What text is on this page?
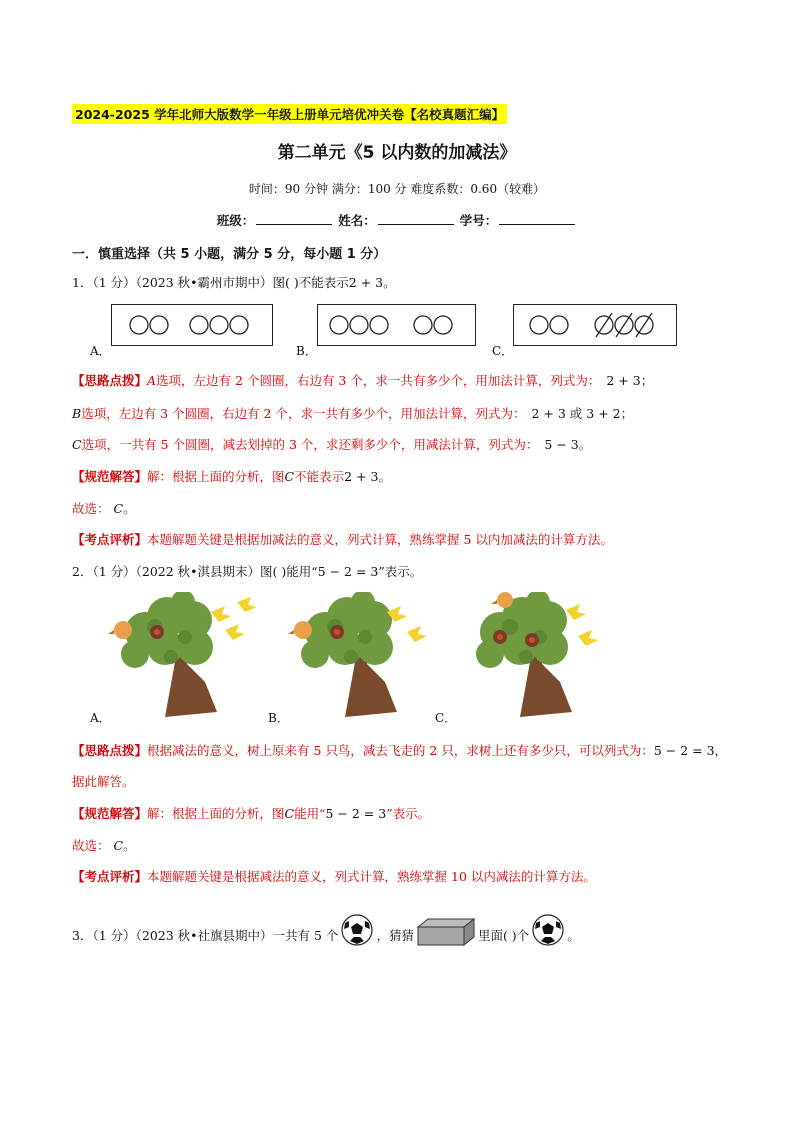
2024-2025 学年北师大版数学一年级上册单元培优冲关卷【名校真题汇编】
第二单元《5 以内数的加减法》
时间：90 分钟 满分：100 分 难度系数：0.60（较难）
班级：	姓名：	学号：
一．慎重选择（共 5 小题，满分 5 分，每小题 1 分）
1．（1 分）（2023 秋•霸州市期中）图( )不能表示2 + 3。
A．	B．	C．
【思路点拨】A选项，左边有 2 个圆圈，右边有 3 个，求一共有多少个，用加法计算，列式为： 2 + 3；
B选项，左边有 3 个圆圈，右边有 2 个，求一共有多少个，用加法计算，列式为： 2 + 3 或 3 + 2；
C选项，一共有 5 个圆圈，减去划掉的 3 个，求还剩多少个，用减法计算，列式为： 5 − 3。
【规范解答】解：根据上面的分析，图C不能表示2 + 3。
故选： C。
【考点评析】本题解题关键是根据加减法的意义，列式计算，熟练掌握 5 以内加减法的计算方法。
2．（1 分）（2022 秋•淇县期末）图( )能用“5 − 2 = 3”表示。
A．	B．	C．
【思路点拨】根据减法的意义，树上原来有 5 只鸟，减去飞走的 2 只，求树上还有多少只，可以列式为：5 − 2 = 3，
据此解答。
【规范解答】解：根据上面的分析，图C能用“5 − 2 = 3”表示。
故选： C。
【考点评析】本题解题关键是根据减法的意义，列式计算，熟练掌握 10 以内减法的计算方法。
3．（1 分）（2023 秋•社旗县期中）一共有 5 个	，猜猜	里面( )个	。
